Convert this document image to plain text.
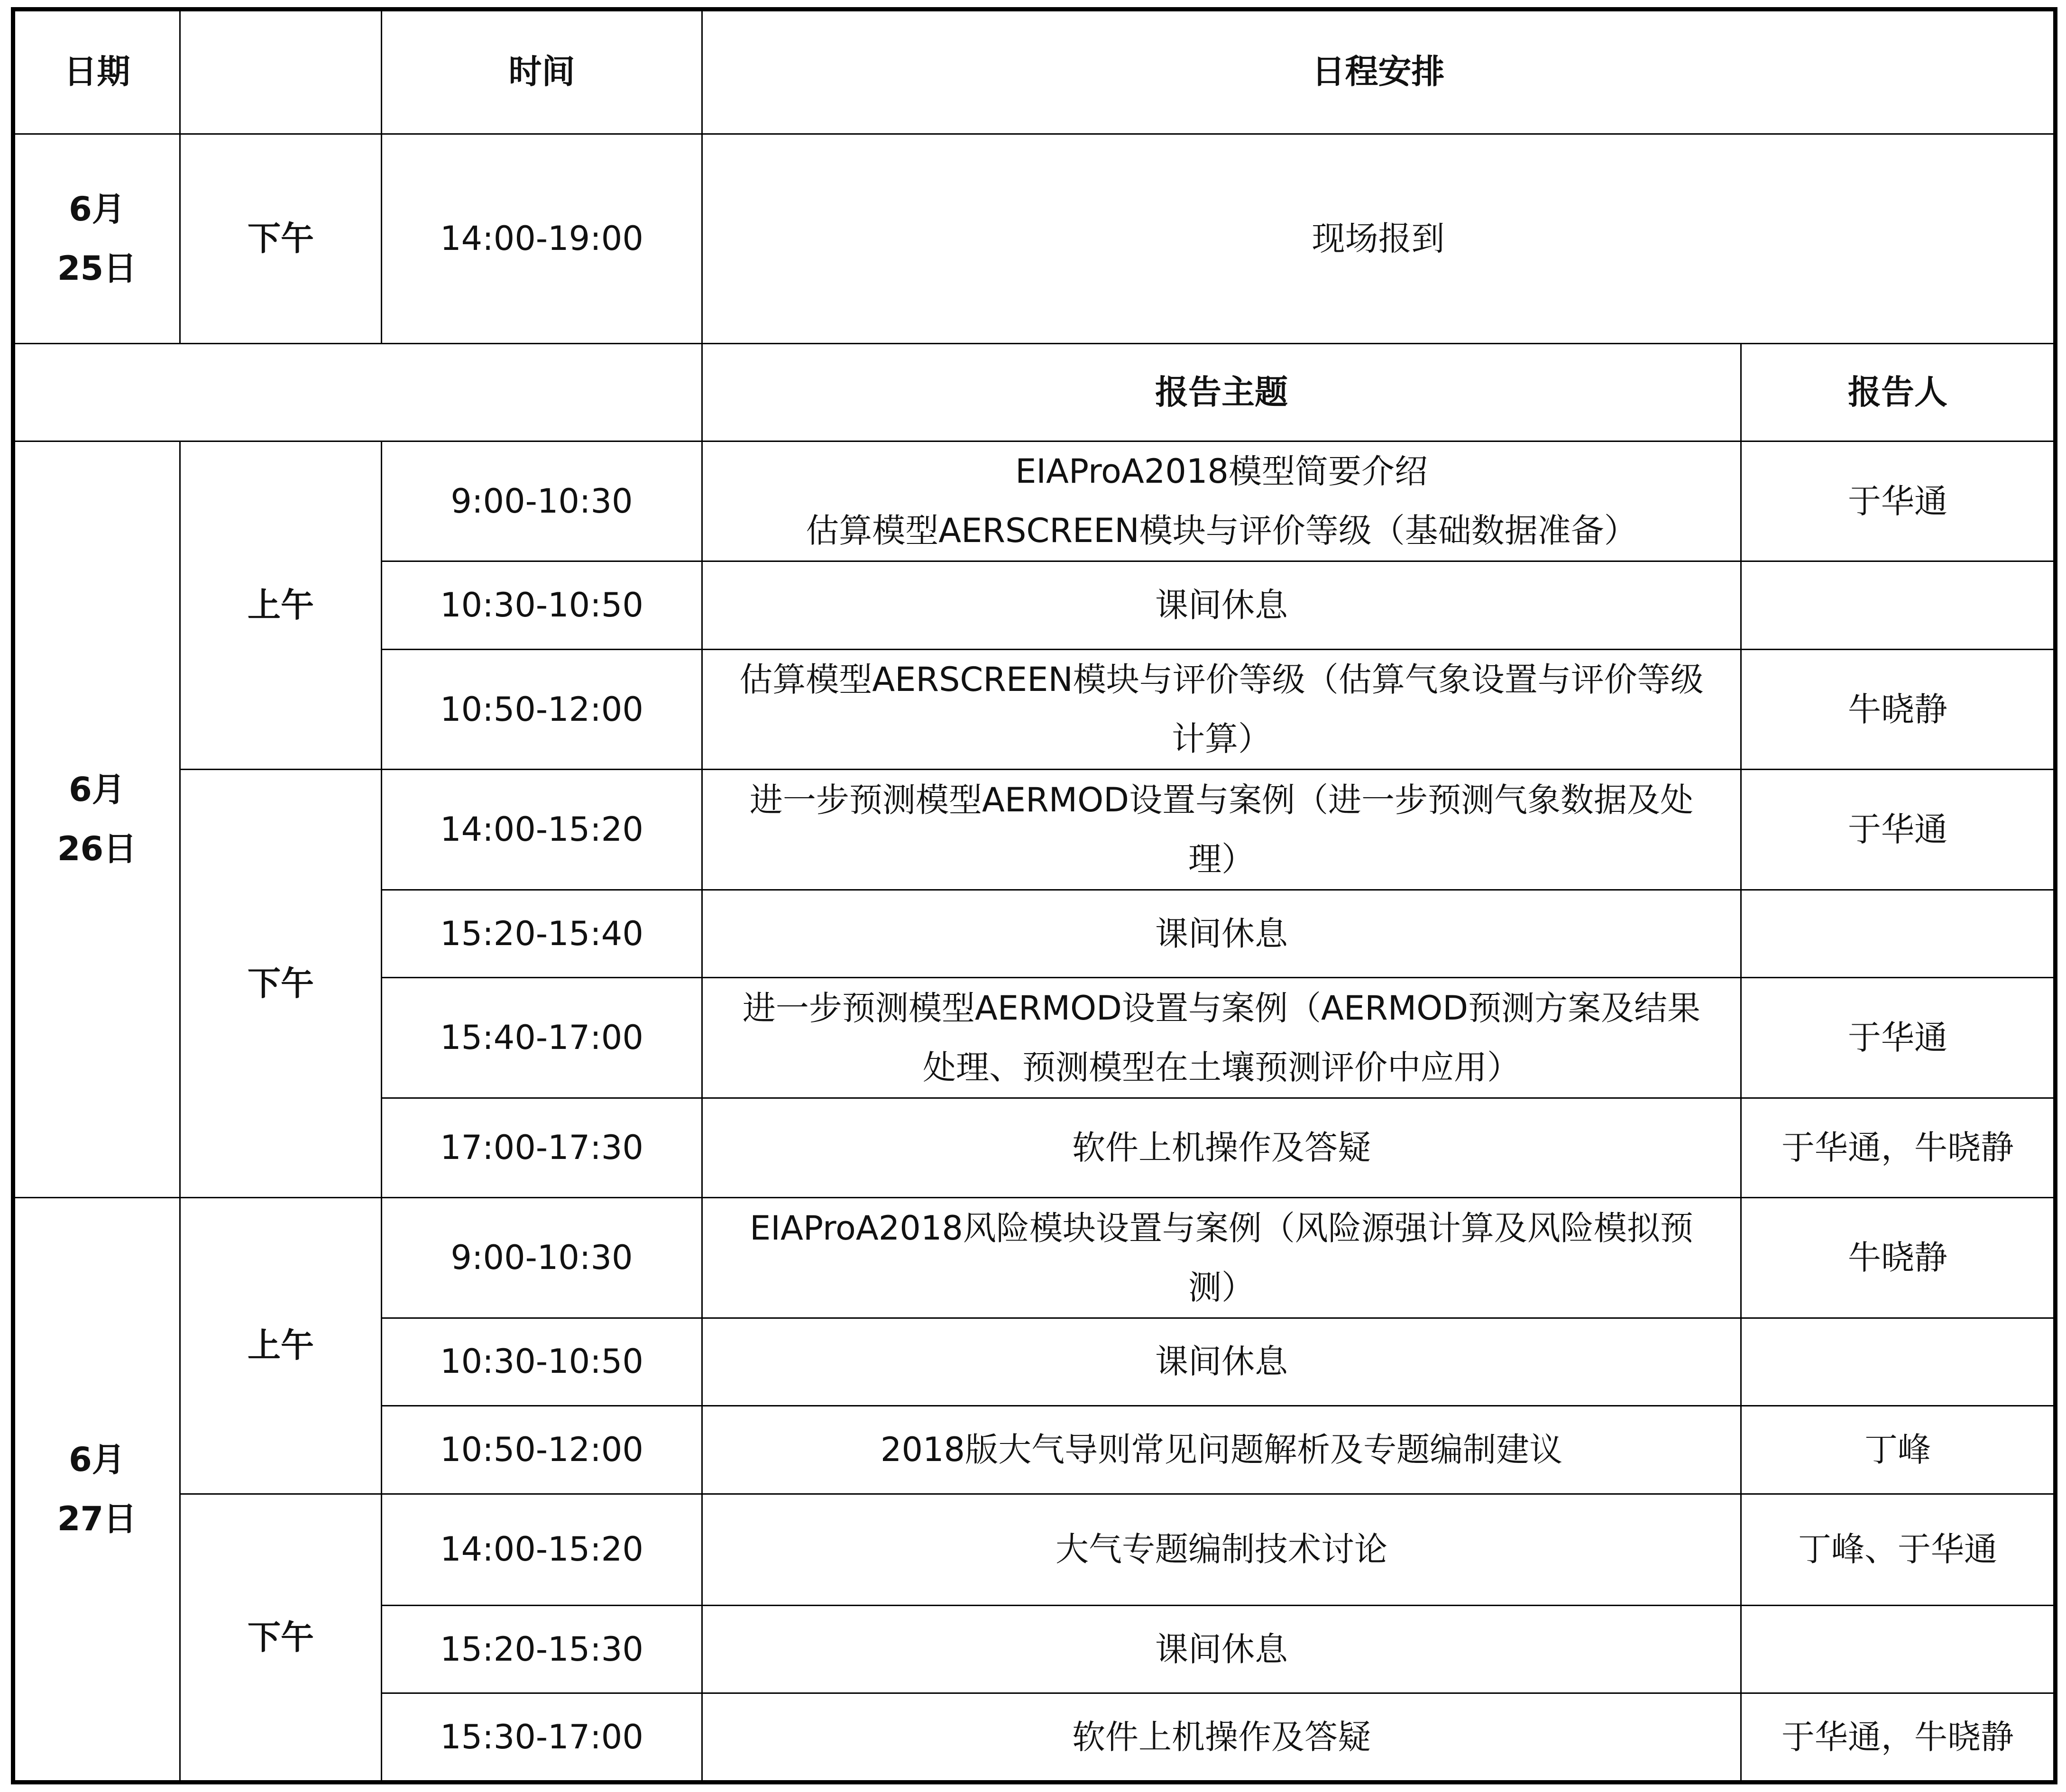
日期		时间	日程安排	

6月
25日	下午	14:00-19:00	现场报到	
			报告主题	报告人

6月
26日	上午	9:00-10:30	EIAProA2018模型简要介绍
估算模型AERSCREEN模块与评价等级（基础数据准备）	于华通
		10:30-10:50	课间休息	

		10:50-12:00	估算模型AERSCREEN模块与评价等级（估算气象设置与评价等级
计算）	牛晓静
	下午	14:00-15:20	进一步预测模型AERMOD设置与案例（进一步预测气象数据及处
理）	于华通
		15:20-15:40	课间休息	

		15:40-17:00	进一步预测模型AERMOD设置与案例（AERMOD预测方案及结果
处理、预测模型在土壤预测评价中应用）	于华通
		17:00-17:30	软件上机操作及答疑	于华通，牛晓静

6月
27日	上午	9:00-10:30	EIAProA2018风险模块设置与案例（风险源强计算及风险模拟预
测）	牛晓静
		10:30-10:50	课间休息	

		10:50-12:00	2018版大气导则常见问题解析及专题编制建议	丁峰
	下午	14:00-15:20	大气专题编制技术讨论	丁峰、于华通
		15:20-15:30	课间休息	

		15:30-17:00	软件上机操作及答疑	于华通，牛晓静
